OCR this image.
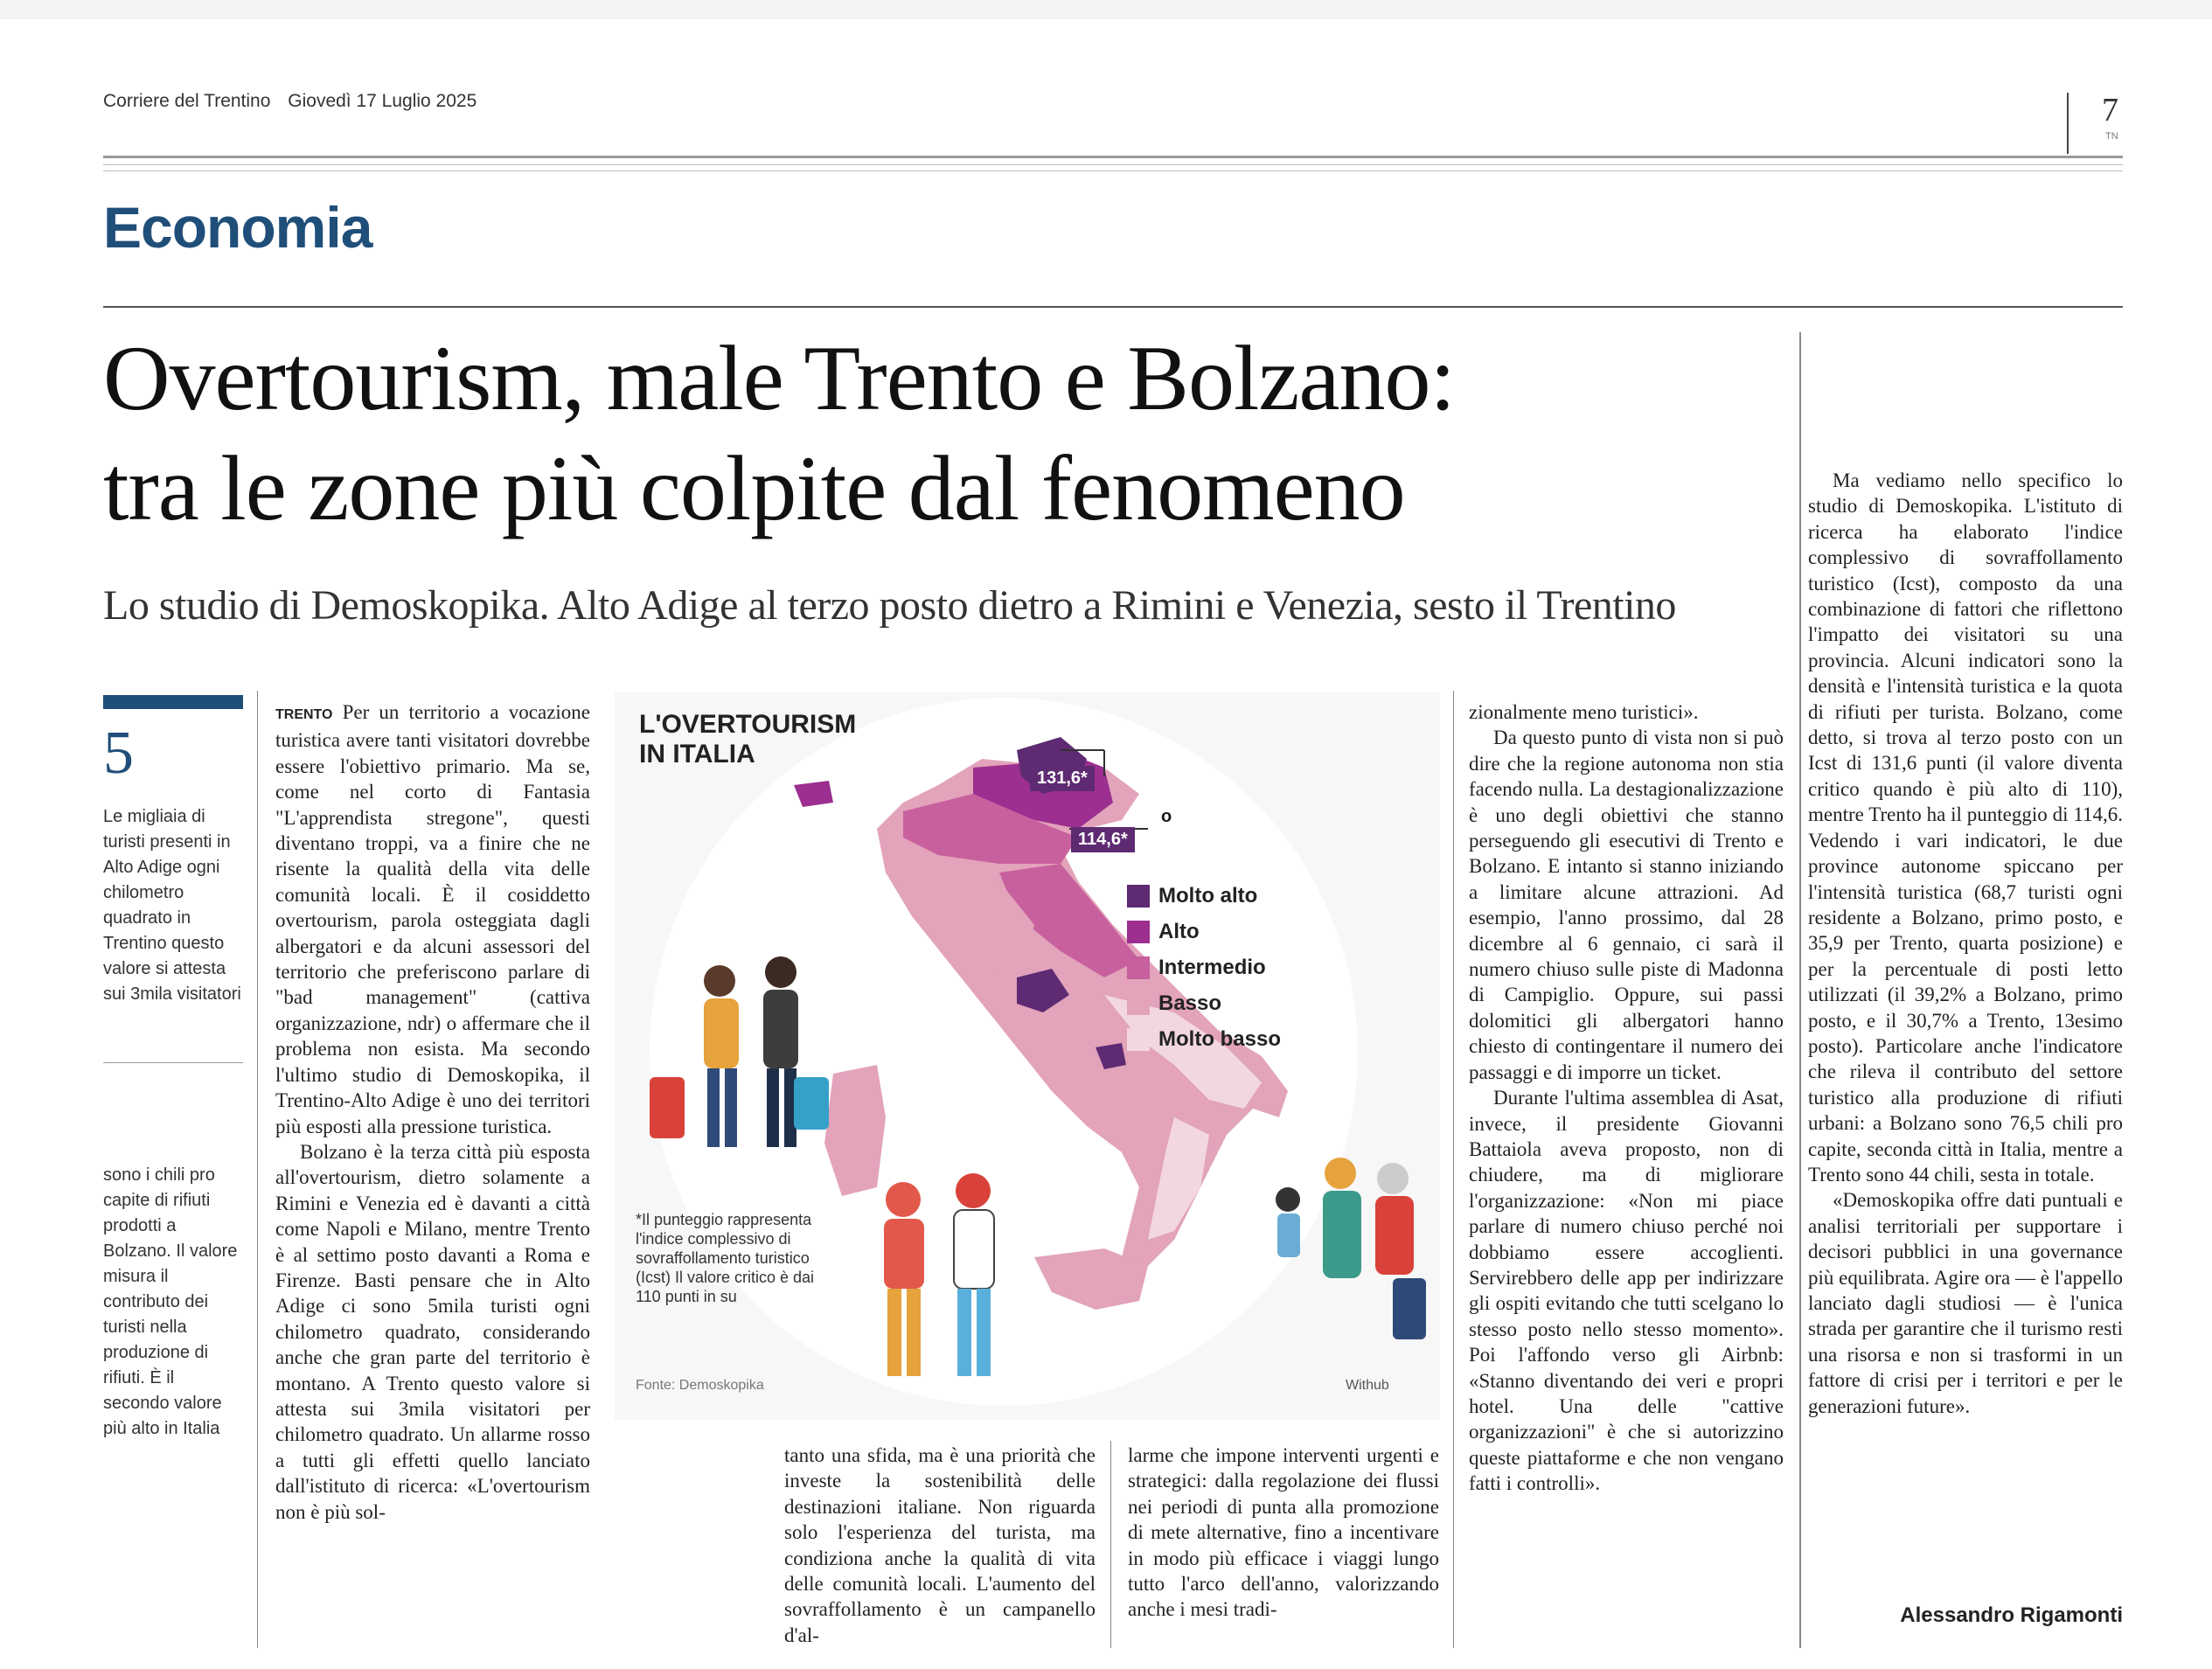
Corriere del Trentino Giovedì 17 Luglio 2025	7
TN
Economia
Overtourism, male Trento e Bolzano:
tra le zone più colpite dal fenomeno
Lo studio di Demoskopika. Alto Adige al terzo posto dietro a Rimini e Venezia, sesto il Trentino
5
Le migliaia di turisti presenti in Alto Adige ogni chilometro quadrato in Trentino questo valore si attesta sui 3mila visitatori
sono i chili pro capite di rifiuti prodotti a Bolzano. Il valore misura il contributo dei turisti nella produzione di rifiuti. È il secondo valore più alto in Italia

TRENTO Per un territorio a vocazione turistica avere tanti visitatori dovrebbe essere l'obiettivo primario. Ma se, come nel corto di Fantasia "L'apprendista stregone", questi diventano troppi, va a finire che ne risente la qualità della vita delle comunità locali. È il cosiddetto overtourism, parola osteggiata dagli albergatori e da alcuni assessori del territorio che preferiscono parlare di "bad management" (cattiva organizzazione, ndr) o affermare che il problema non esista. Ma secondo l'ultimo studio di Demoskopika, il Trentino-Alto Adige è uno dei territori più esposti alla pressione turistica.

Bolzano è la terza città più esposta all'overtourism, dietro solamente a Rimini e Venezia ed è davanti a città come Napoli e Milano, mentre Trento è al settimo posto davanti a Roma e Firenze. Basti pensare che in Alto Adige ci sono 5mila turisti ogni chilometro quadrato, considerando anche che gran parte del territorio è montano. A Trento questo valore si attesta sui 3mila visitatori per chilometro quadrato. Un allarme rosso a tutti gli effetti quello lanciato dall'istituto di ricerca: «L'overtourism non è più sol-

L'OVERTOURISM
IN ITALIA
131,6*
o
114,6*
Molto alto
Alto
Intermedio
Basso
Molto basso
*Il punteggio rappresenta l'indice complessivo di sovraffollamento turistico (Icst) Il valore critico è dai 110 punti in su
Fonte: Demoskopika	Withub

tanto una sfida, ma è una priorità che investe la sostenibilità delle destinazioni italiane. Non riguarda solo l'esperienza del turista, ma condiziona anche la qualità di vita delle comunità locali. L'aumento del sovraffollamento è un campanello d'al-

larme che impone interventi urgenti e strategici: dalla regolazione dei flussi nei periodi di punta alla promozione di mete alternative, fino a incentivare in modo più efficace i viaggi lungo tutto l'arco dell'anno, valorizzando anche i mesi tradi-

zionalmente meno turistici».

Da questo punto di vista non si può dire che la regione autonoma non stia facendo nulla. La destagionalizzazione è uno degli obiettivi che stanno perseguendo gli esecutivi di Trento e Bolzano. E intanto si stanno iniziando a limitare alcune attrazioni. Ad esempio, l'anno prossimo, dal 28 dicembre al 6 gennaio, ci sarà il numero chiuso sulle piste di Madonna di Campiglio. Oppure, sui passi dolomitici gli albergatori hanno chiesto di contingentare il numero dei passaggi e di imporre un ticket.

Durante l'ultima assemblea di Asat, invece, il presidente Giovanni Battaiola aveva proposto, non di chiudere, ma di migliorare l'organizzazione: «Non mi piace parlare di numero chiuso perché noi dobbiamo essere accoglienti. Servirebbero delle app per indirizzare gli ospiti evitando che tutti scelgano lo stesso posto nello stesso momento». Poi l'affondo verso gli Airbnb: «Stanno diventando dei veri e propri hotel. Una delle "cattive organizzazioni" è che si autorizzino queste piattaforme e che non vengano fatti i controlli».

Ma vediamo nello specifico lo studio di Demoskopika. L'istituto di ricerca ha elaborato l'indice complessivo di sovraffollamento turistico (Icst), composto da una combinazione di fattori che riflettono l'impatto dei visitatori su una provincia. Alcuni indicatori sono la densità e l'intensità turistica e la quota di rifiuti per turista. Bolzano, come detto, si trova al terzo posto con un Icst di 131,6 punti (il valore diventa critico quando è più alto di 110), mentre Trento ha il punteggio di 114,6. Vedendo i vari indicatori, le due province autonome spiccano per l'intensità turistica (68,7 turisti ogni residente a Bolzano, primo posto, e 35,9 per Trento, quarta posizione) e per la percentuale di posti letto utilizzati (il 39,2% a Bolzano, primo posto, e il 30,7% a Trento, 13esimo posto). Particolare anche l'indicatore che rileva il contributo del settore turistico alla produzione di rifiuti urbani: a Bolzano sono 76,5 chili pro capite, seconda città in Italia, mentre a Trento sono 44 chili, sesta in totale.

«Demoskopika offre dati puntuali e analisi territoriali per supportare i decisori pubblici in una governance più equilibrata. Agire ora — è l'appello lanciato dagli studiosi — è l'unica strada per garantire che il turismo resti una risorsa e non si trasformi in un fattore di crisi per i territori e per le generazioni future».

Alessandro Rigamonti
